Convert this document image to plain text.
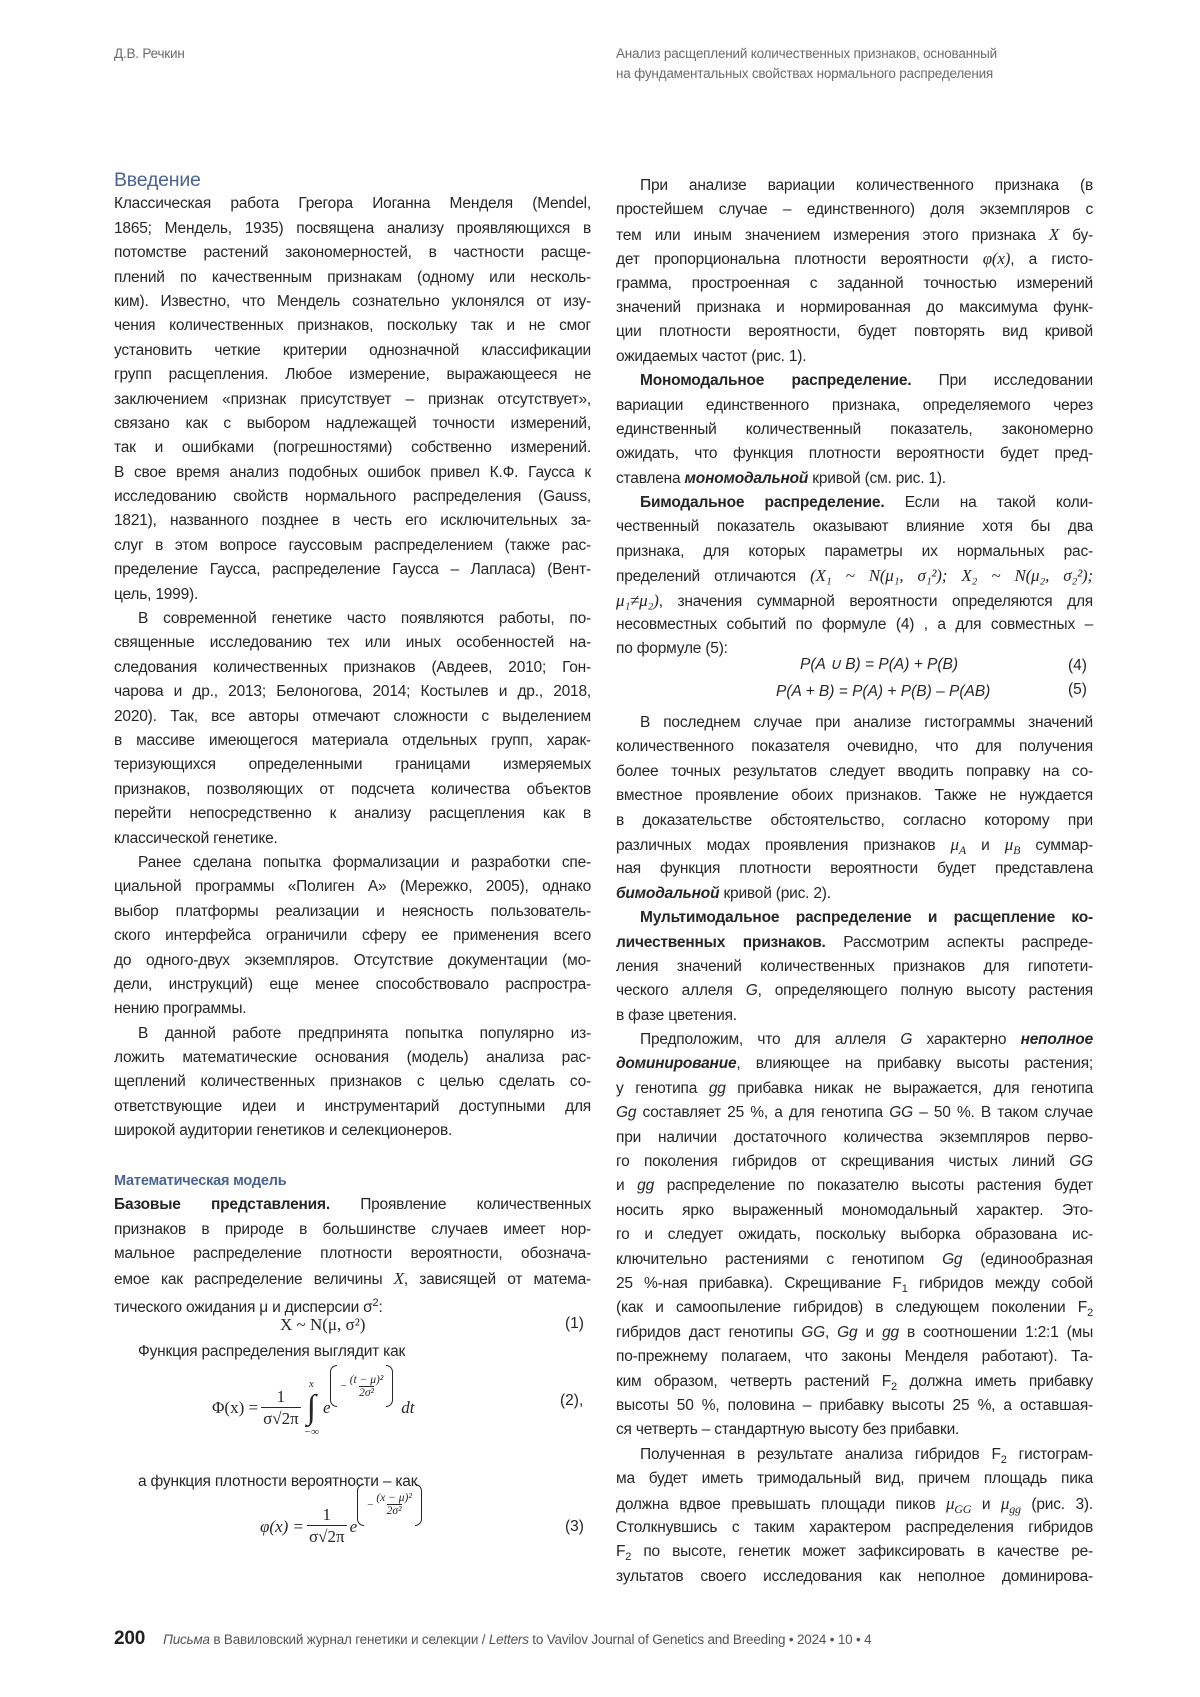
Д.В. Речкин	Анализ расщеплений количественных признаков, основанный
на фундаментальных свойствах нормального распределения
Введение
Классическая работа Грегора Иоганна Менделя (Mendel,
1865; Мендель, 1935) посвящена анализу проявляющихся в
потомстве растений закономерностей, в частности расще-
плений по качественным признакам (одному или несколь-
ким). Известно, что Мендель сознательно уклонялся от изу-
чения количественных признаков, поскольку так и не смог
установить четкие критерии однозначной классификации
групп расщепления. Любое измерение, выражающееся не
заключением «признак присутствует – признак отсутствует»,
связано как с выбором надлежащей точности измерений,
так и ошибками (погрешностями) собственно измерений.
В свое время анализ подобных ошибок привел К.Ф. Гаусса к
исследованию свойств нормального распределения (Gauss,
1821), названного позднее в честь его исключительных за-
слуг в этом вопросе гауссовым распределением (также рас-
пределение Гаусса, распределение Гаусса – Лапласа) (Вент-
цель, 1999).
В современной генетике часто появляются работы, по-
священные исследованию тех или иных особенностей на-
следования количественных признаков (Авдеев, 2010; Гон-
чарова и др., 2013; Белоногова, 2014; Костылев и др., 2018,
2020). Так, все авторы отмечают сложности с выделением
в массиве имеющегося материала отдельных групп, харак-
теризующихся определенными границами измеряемых
признаков, позволяющих от подсчета количества объектов
перейти непосредственно к анализу расщепления как в
классической генетике.
Ранее сделана попытка формализации и разработки спе-
циальной программы «Полиген А» (Мережко, 2005), однако
выбор платформы реализации и неясность пользователь-
ского интерфейса ограничили сферу ее применения всего
до одного-двух экземпляров. Отсутствие документации (мо-
дели, инструкций) еще менее способствовало распростра-
нению программы.
В данной работе предпринята попытка популярно из-
ложить математические основания (модель) анализа рас-
щеплений количественных признаков с целью сделать со-
ответствующие идеи и инструментарий доступными для
широкой аудитории генетиков и селекционеров.
Математическая модель
Базовые представления. Проявление количественных
признаков в природе в большинстве случаев имеет нор-
мальное распределение плотности вероятности, обознача-
емое как распределение величины X, зависящей от матема-
тического ожидания μ и дисперсии σ2:
X ~ N(μ, σ²)	(1)
Функция распределения выглядит как
Φ(x) =
1
σ√2π
x
∫
−∞
e
−
(t − μ)²
2σ²
dt	(2),
а функция плотности вероятности – как
φ(x) =
1
σ√2π
e
−
(x − μ)²
2σ²
(3)
При анализе вариации количественного признака (в
простейшем случае – единственного) доля экземпляров с
тем или иным значением измерения этого признака X бу-
дет пропорциональна плотности вероятности φ(x), а гисто-
грамма, простроенная с заданной точностью измерений
значений признака и нормированная до максимума функ-
ции плотности вероятности, будет повторять вид кривой
ожидаемых частот (рис. 1).
Мономодальное распределение. При исследовании
вариации единственного признака, определяемого через
единственный количественный показатель, закономерно
ожидать, что функция плотности вероятности будет пред-
ставлена мономодальной кривой (см. рис. 1).
Бимодальное распределение. Если на такой коли-
чественный показатель оказывают влияние хотя бы два
признака, для которых параметры их нормальных рас-
пределений отличаются (X₁ ~ N(μ₁, σ₁²); X₂ ~ N(μ₂, σ₂²);
μ₁≠μ₂), значения суммарной вероятности определяются для
несовместных событий по формуле (4) , а для совместных –
по формуле (5):
P(A ∪ B) = P(A) + P(B)	(4)
P(A + B) = P(A) + P(B) – P(AB)	(5)
В последнем случае при анализе гистограммы значений
количественного показателя очевидно, что для получения
более точных результатов следует вводить поправку на со-
вместное проявление обоих признаков. Также не нуждается
в доказательстве обстоятельство, согласно которому при
различных модах проявления признаков μA и μB суммар-
ная функция плотности вероятности будет представлена
бимодальной кривой (рис. 2).
Мультимодальное распределение и расщепление ко-
личественных признаков. Рассмотрим аспекты распреде-
ления значений количественных признаков для гипотети-
ческого аллеля G, определяющего полную высоту растения
в фазе цветения.
Предположим, что для аллеля G характерно неполное
доминирование, влияющее на прибавку высоты растения;
у генотипа gg прибавка никак не выражается, для генотипа
Gg составляет 25 %, а для генотипа GG – 50 %. В таком случае
при наличии достаточного количества экземпляров перво-
го поколения гибридов от скрещивания чистых линий GG
и gg распределение по показателю высоты растения будет
носить ярко выраженный мономодальный характер. Это-
го и следует ожидать, поскольку выборка образована ис-
ключительно растениями с генотипом Gg (единообразная
25 %-ная прибавка). Скрещивание F1 гибридов между собой
(как и самоопыление гибридов) в следующем поколении F2
гибридов даст генотипы GG, Gg и gg в соотношении 1:2:1 (мы
по-прежнему полагаем, что законы Менделя работают). Та-
ким образом, четверть растений F2 должна иметь прибавку
высоты 50 %, половина – прибавку высоты 25 %, а оставшая-
ся четверть – стандартную высоту без прибавки.
Полученная в результате анализа гибридов F2 гистограм-
ма будет иметь тримодальный вид, причем площадь пика
должна вдвое превышать площади пиков μGG и μgg (рис. 3).
Столкнувшись с таким характером распределения гибридов
F2 по высоте, генетик может зафиксировать в качестве ре-
зультатов своего исследования как неполное доминирова-
200 Письма в Вавиловский журнал генетики и селекции / Letters to Vavilov Journal of Genetics and Breeding • 2024 • 10 • 4
